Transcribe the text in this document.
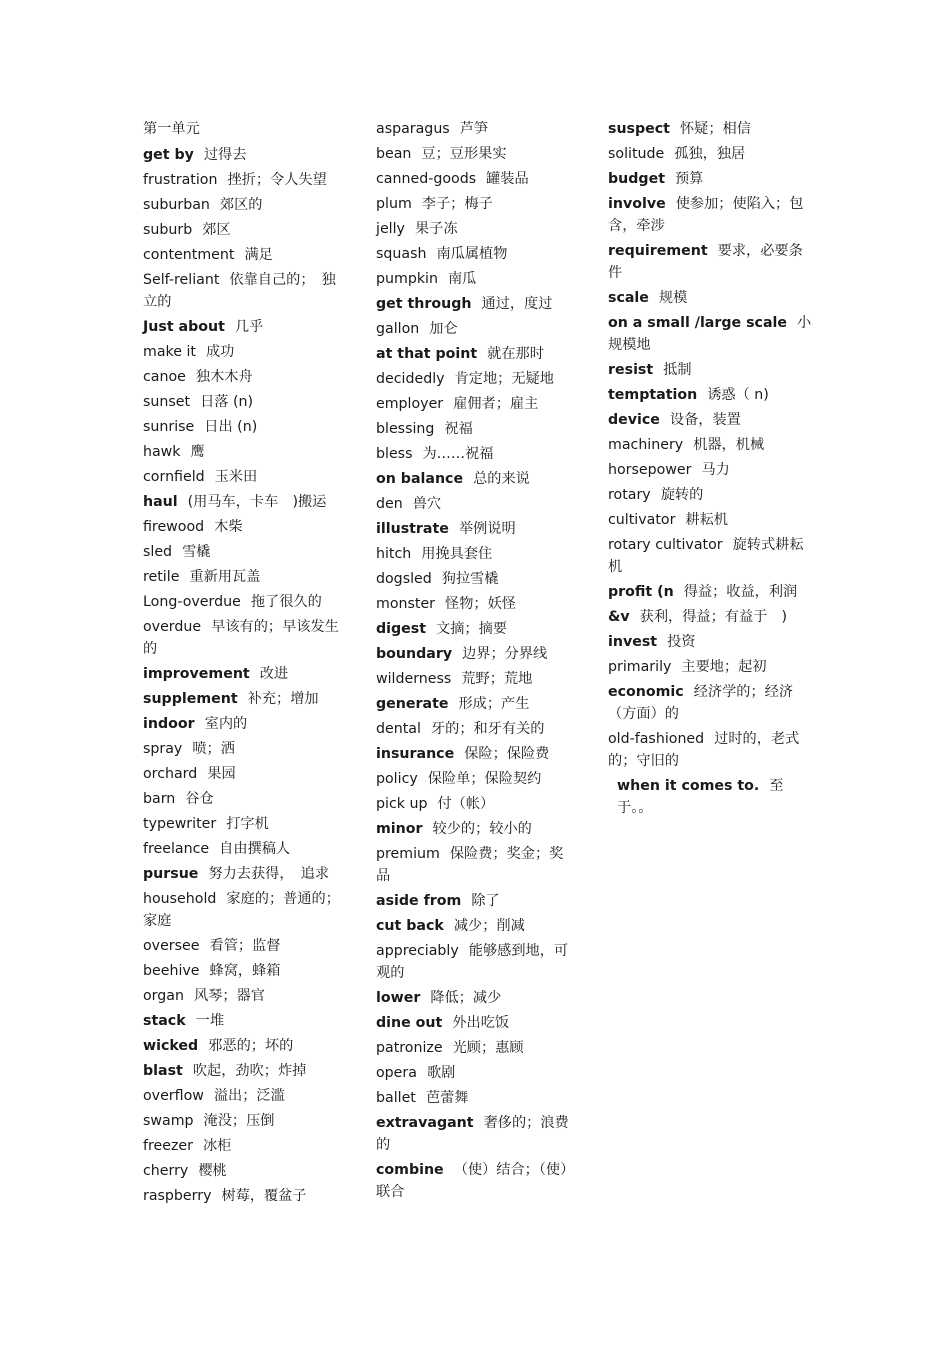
第一单元
get by 过得去
frustration 挫折；令人失望
suburban 郊区的
suburb 郊区
contentment 满足
Self-reliant 依靠自己的；　独立的
Just about 几乎
make it 成功
canoe 独木木舟
sunset 日落 (n)
sunrise 日出 (n)
hawk 鹰
cornfield 玉米田
haul (用马车，卡车　)搬运
firewood 木柴
sled 雪橇
retile 重新用瓦盖
Long-overdue 拖了很久的
overdue 早该有的；早该发生的
improvement 改进
supplement 补充；增加
indoor 室内的
spray 喷；洒
orchard 果园
barn 谷仓
typewriter 打字机
freelance 自由撰稿人
pursue 努力去获得，　追求
household 家庭的；普通的；家庭
oversee 看管；监督
beehive 蜂窝，蜂箱
organ 风琴；器官
stack 一堆
wicked 邪恶的；坏的
blast 吹起，劲吹；炸掉
overflow 溢出；泛滥
swamp 淹没；压倒
freezer 冰柜
cherry 樱桃
raspberry 树莓，覆盆子
asparagus 芦笋
bean 豆；豆形果实
canned-goods 罐装品
plum 李子；梅子
jelly 果子冻
squash 南瓜属植物
pumpkin 南瓜
get through 通过，度过
gallon 加仑
at that point 就在那时
decidedly 肯定地；无疑地
employer 雇佣者；雇主
blessing 祝福
bless 为……祝福
on balance 总的来说
den 兽穴
illustrate 举例说明
hitch 用挽具套住
dogsled 狗拉雪橇
monster 怪物；妖怪
digest 文摘；摘要
boundary 边界；分界线
wilderness 荒野；荒地
generate 形成；产生
dental 牙的；和牙有关的
insurance 保险；保险费
policy 保险单；保险契约
pick up 付（帐）
minor 较少的；较小的
premium 保险费；奖金；奖品
aside from 除了
cut back 减少；削减
appreciably 能够感到地，可观的
lower 降低；减少
dine out 外出吃饭
patronize 光顾；惠顾
opera 歌剧
ballet 芭蕾舞
extravagant 奢侈的；浪费的
combine （使）结合；（使）联合
suspect 怀疑；相信
solitude 孤独，独居
budget 预算
involve 使参加；使陷入；包含，牵涉
requirement 要求，必要条件
scale 规模
on a small /large scale 小规模地
resist 抵制
temptation 诱惑（ n)
device 设备，装置
machinery 机器，机械
horsepower 马力
rotary 旋转的
cultivator 耕耘机
rotary cultivator 旋转式耕耘机
profit (n 得益；收益，利润
&v 获利，得益；有益于　)
invest 投资
primarily 主要地；起初
economic 经济学的；经济（方面）的
old-fashioned 过时的，老式的；守旧的
when it comes to. 至于。。
